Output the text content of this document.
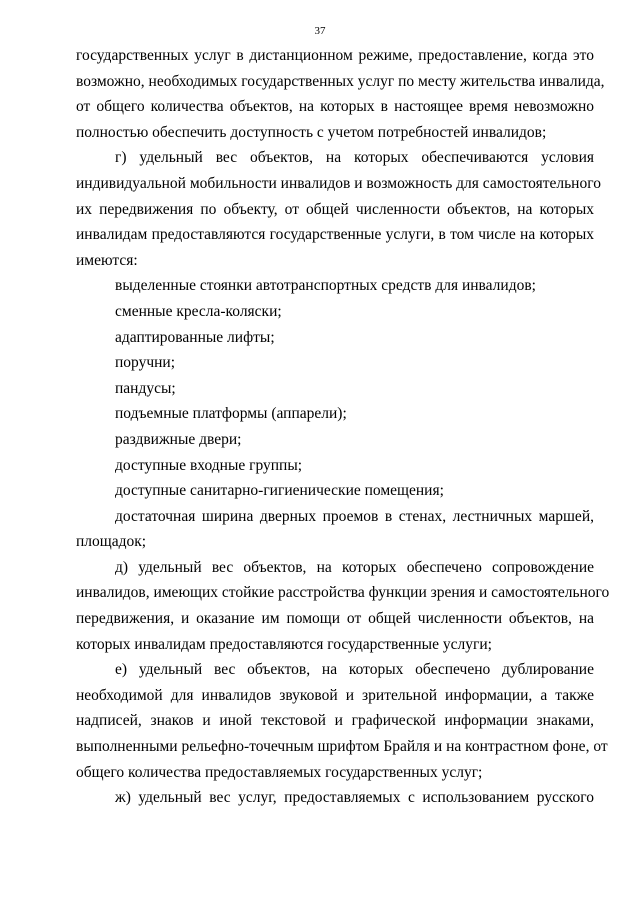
37
государственных услуг в дистанционном режиме, предоставление, когда это
возможно, необходимых государственных услуг по месту жительства инвалида,
от общего количества объектов, на которых в настоящее время невозможно
полностью обеспечить доступность с учетом потребностей инвалидов;
г) удельный вес объектов, на которых обеспечиваются условия
индивидуальной мобильности инвалидов и возможность для самостоятельного
их передвижения по объекту, от общей численности объектов, на которых
инвалидам предоставляются государственные услуги, в том числе на которых
имеются:
выделенные стоянки автотранспортных средств для инвалидов;
сменные кресла-коляски;
адаптированные лифты;
поручни;
пандусы;
подъемные платформы (аппарели);
раздвижные двери;
доступные входные группы;
доступные санитарно-гигиенические помещения;
достаточная ширина дверных проемов в стенах, лестничных маршей,
площадок;
д) удельный вес объектов, на которых обеспечено сопровождение
инвалидов, имеющих стойкие расстройства функции зрения и самостоятельного
передвижения, и оказание им помощи от общей численности объектов, на
которых инвалидам предоставляются государственные услуги;
е) удельный вес объектов, на которых обеспечено дублирование
необходимой для инвалидов звуковой и зрительной информации, а также
надписей, знаков и иной текстовой и графической информации знаками,
выполненными рельефно-точечным шрифтом Брайля и на контрастном фоне, от
общего количества предоставляемых государственных услуг;
ж) удельный вес услуг, предоставляемых с использованием русского
